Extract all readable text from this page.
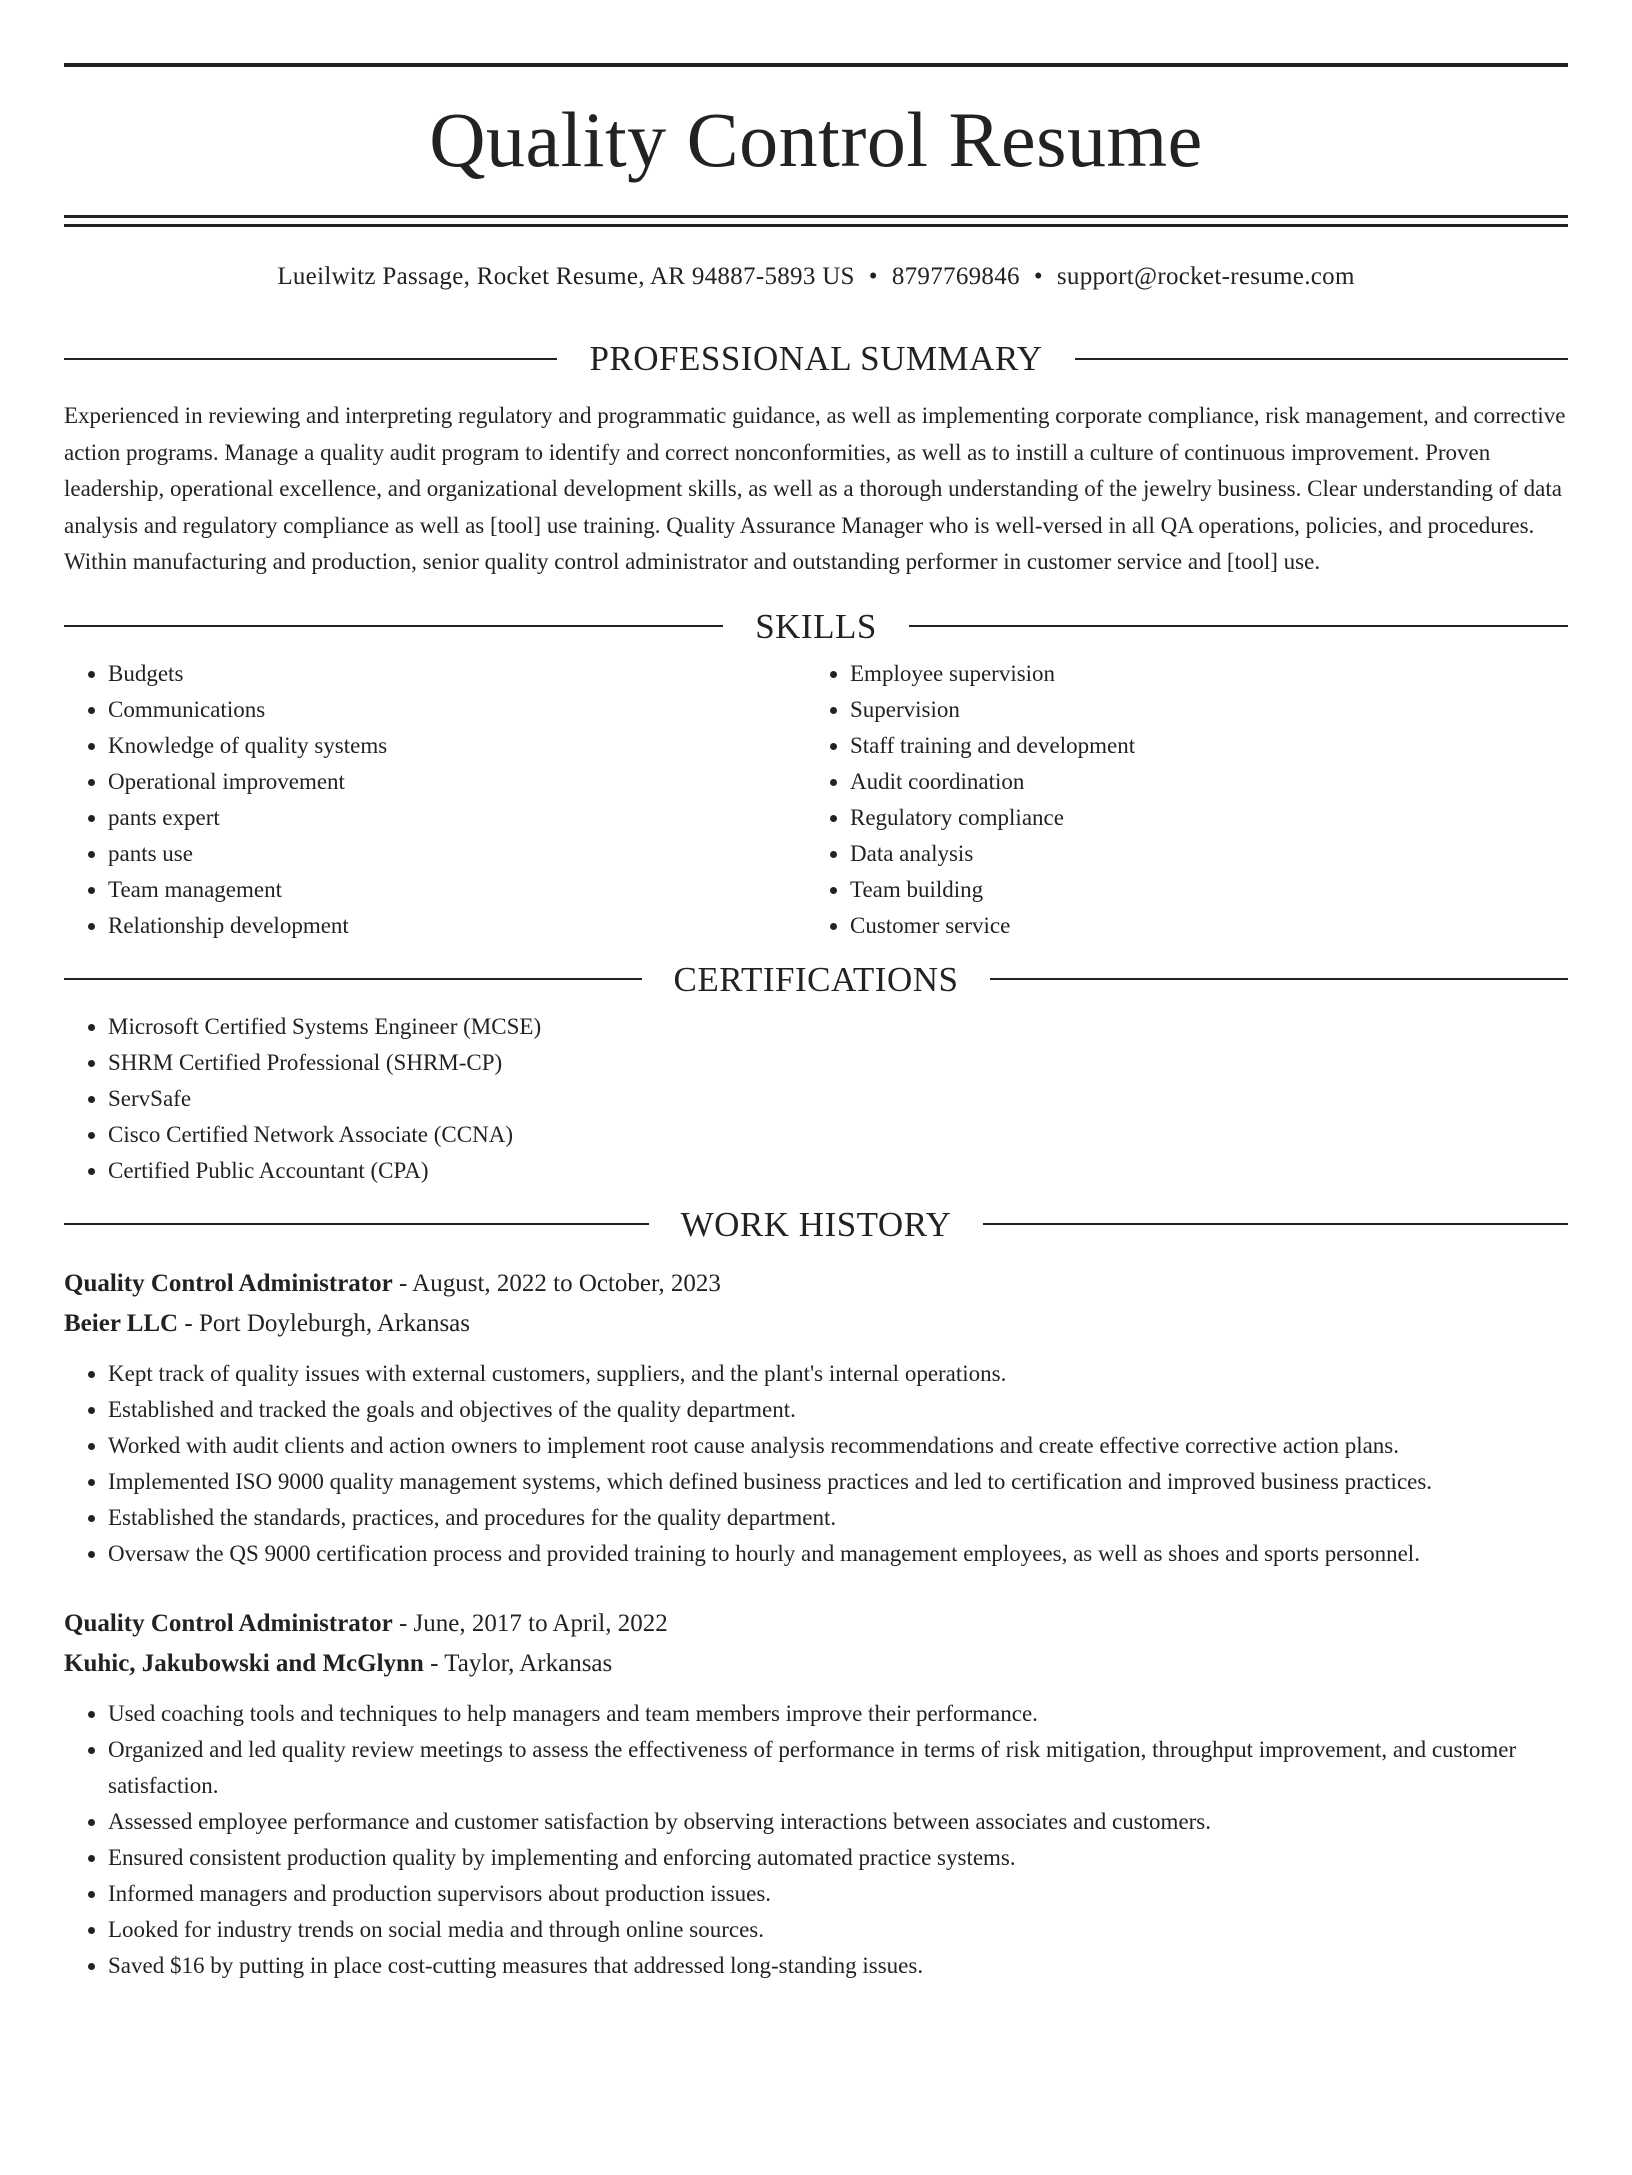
Quality Control Resume
Lueilwitz Passage, Rocket Resume, AR 94887-5893 US • 8797769846 • support@rocket-resume.com
PROFESSIONAL SUMMARY

Experienced in reviewing and interpreting regulatory and programmatic guidance, as well as implementing corporate compliance, risk management, and corrective action programs. Manage a quality audit program to identify and correct nonconformities, as well as to instill a culture of continuous improvement. Proven leadership, operational excellence, and organizational development skills, as well as a thorough understanding of the jewelry business. Clear understanding of data analysis and regulatory compliance as well as [tool] use training. Quality Assurance Manager who is well-versed in all QA operations, policies, and procedures. Within manufacturing and production, senior quality control administrator and outstanding performer in customer service and [tool] use.

SKILLS
• Budgets
• Communications
• Knowledge of quality systems
• Operational improvement
• pants expert
• pants use
• Team management
• Relationship development
• Employee supervision
• Supervision
• Staff training and development
• Audit coordination
• Regulatory compliance
• Data analysis
• Team building
• Customer service
CERTIFICATIONS
• Microsoft Certified Systems Engineer (MCSE)
• SHRM Certified Professional (SHRM-CP)
• ServSafe
• Cisco Certified Network Associate (CCNA)
• Certified Public Accountant (CPA)
WORK HISTORY
Quality Control Administrator - August, 2022 to October, 2023
Beier LLC - Port Doyleburgh, Arkansas
• Kept track of quality issues with external customers, suppliers, and the plant's internal operations.
• Established and tracked the goals and objectives of the quality department.
• Worked with audit clients and action owners to implement root cause analysis recommendations and create effective corrective action plans.
• Implemented ISO 9000 quality management systems, which defined business practices and led to certification and improved business practices.
• Established the standards, practices, and procedures for the quality department.
• Oversaw the QS 9000 certification process and provided training to hourly and management employees, as well as shoes and sports personnel.
Quality Control Administrator - June, 2017 to April, 2022
Kuhic, Jakubowski and McGlynn - Taylor, Arkansas
• Used coaching tools and techniques to help managers and team members improve their performance.
• Organized and led quality review meetings to assess the effectiveness of performance in terms of risk mitigation, throughput improvement, and customer satisfaction.
• Assessed employee performance and customer satisfaction by observing interactions between associates and customers.
• Ensured consistent production quality by implementing and enforcing automated practice systems.
• Informed managers and production supervisors about production issues.
• Looked for industry trends on social media and through online sources.
• Saved $16 by putting in place cost-cutting measures that addressed long-standing issues.
